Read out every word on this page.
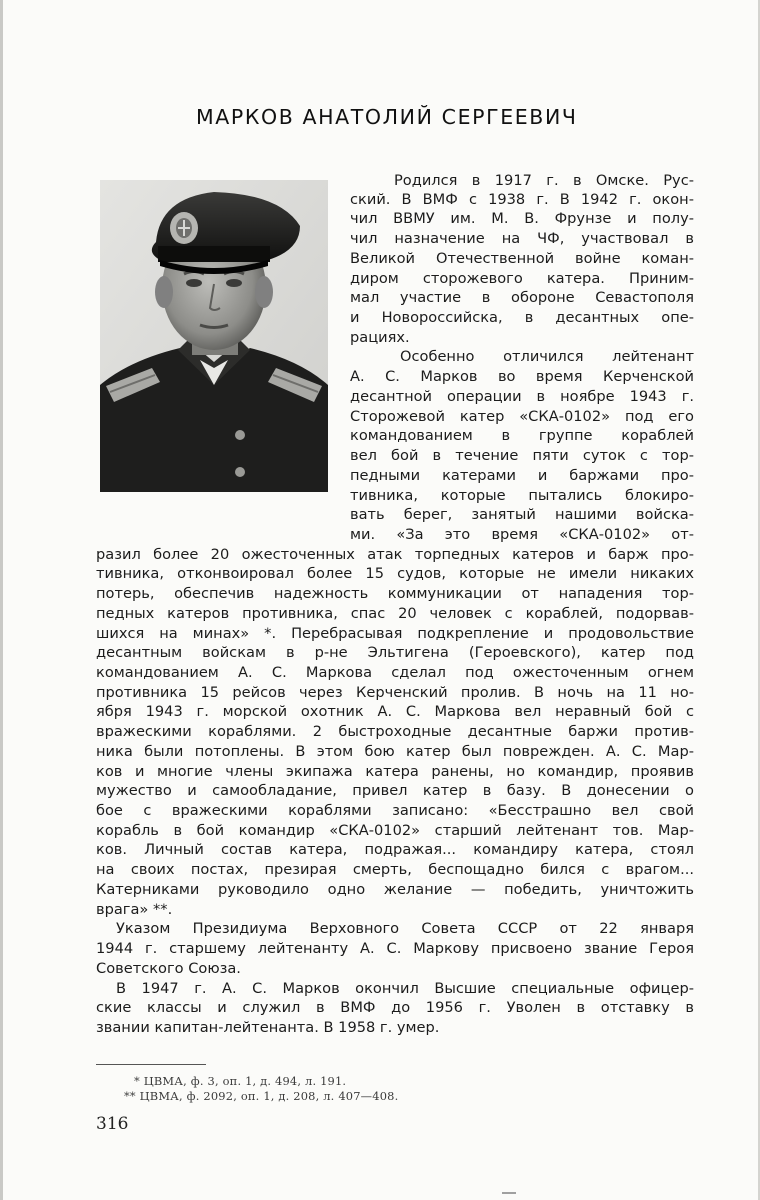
МАРКОВ АНАТОЛИЙ СЕРГЕЕВИЧ
Родился в 1917 г. в Омске. Рус-
ский. В ВМФ с 1938 г. В 1942 г. окон-
чил ВВМУ им. М. В. Фрунзе и полу-
чил назначение на ЧФ, участвовал в
Великой Отечественной войне коман-
диром сторожевого катера. Приним-
мал участие в обороне Севастополя
и Новороссийска, в десантных опе-
рациях.
Особенно отличился лейтенант
А. С. Марков во время Керченской
десантной операции в ноябре 1943 г.
Сторожевой катер «СКА-0102» под его
командованием в группе кораблей
вел бой в течение пяти суток с тор-
педными катерами и баржами про-
тивника, которые пытались блокиро-
вать берег, занятый нашими войска-
ми. «За это время «СКА-0102» от-
разил более 20 ожесточенных атак торпедных катеров и барж про-
тивника, отконвоировал более 15 судов, которые не имели никаких
потерь, обеспечив надежность коммуникации от нападения тор-
педных катеров противника, спас 20 человек с кораблей, подорвав-
шихся на минах» *. Перебрасывая подкрепление и продовольствие
десантным войскам в р-не Эльтигена (Героевского), катер под
командованием А. С. Маркова сделал под ожесточенным огнем
противника 15 рейсов через Керченский пролив. В ночь на 11 но-
ября 1943 г. морской охотник А. С. Маркова вел неравный бой с
вражескими кораблями. 2 быстроходные десантные баржи против-
ника были потоплены. В этом бою катер был поврежден. А. С. Мар-
ков и многие члены экипажа катера ранены, но командир, проявив
мужество и самообладание, привел катер в базу. В донесении о
бое с вражескими кораблями записано: «Бесстрашно вел свой
корабль в бой командир «СКА-0102» старший лейтенант тов. Мар-
ков. Личный состав катера, подражая... командиру катера, стоял
на своих постах, презирая смерть, беспощадно бился с врагом...
Катерниками руководило одно желание — победить, уничтожить
врага» **.
Указом Президиума Верховного Совета СССР от 22 января
1944 г. старшему лейтенанту А. С. Маркову присвоено звание Героя
Советского Союза.
В 1947 г. А. С. Марков окончил Высшие специальные офицер-
ские классы и служил в ВМФ до 1956 г. Уволен в отставку в
звании капитан-лейтенанта. В 1958 г. умер.
* ЦВМА, ф. 3, оп. 1, д. 494, л. 191.
** ЦВМА, ф. 2092, оп. 1, д. 208, л. 407—408.
316
